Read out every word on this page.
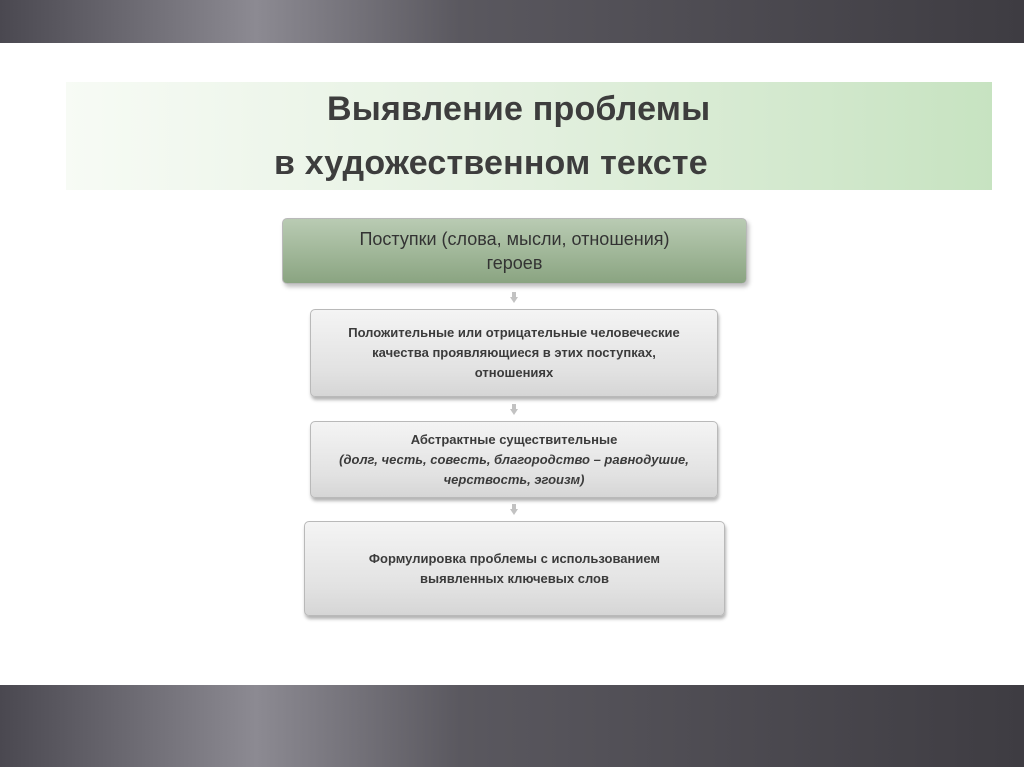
Выявление проблемы
в художественном тексте
Поступки (слова, мысли, отношения)
героев
Положительные или отрицательные человеческие
качества проявляющиеся в этих поступках,
отношениях
Абстрактные существительные
(долг, честь, совесть, благородство – равнодушие,
черствость, эгоизм)
Формулировка проблемы с использованием
выявленных ключевых слов
